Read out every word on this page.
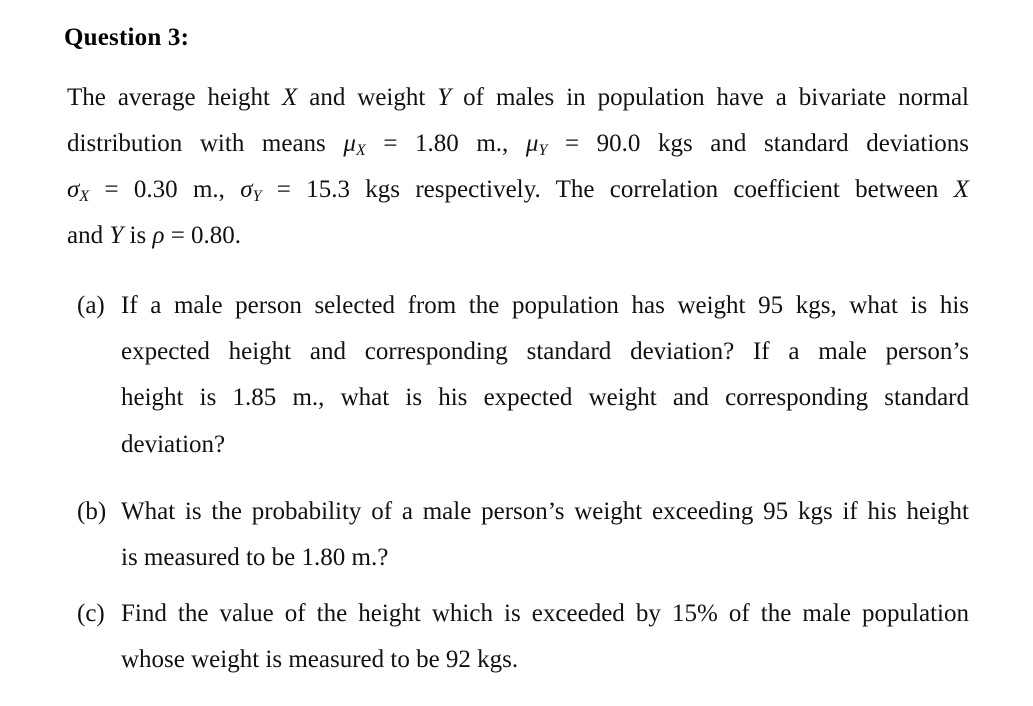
Question 3:
The average height X and weight Y of males in population have a bivariate normal
distribution with means $\mu_X = 1.80$ m., $\mu_Y = 90.0$ kgs and standard deviations
$\sigma_X = 0.30$ m., $\sigma_Y = 15.3$ kgs respectively. The correlation coefficient between X
and Y is ρ = 0.80.
(a) If a male person selected from the population has weight 95 kgs, what is his
expected height and corresponding standard deviation? If a male person’s
height is 1.85 m., what is his expected weight and corresponding standard
deviation?
(b) What is the probability of a male person’s weight exceeding 95 kgs if his height
is measured to be 1.80 m.?
(c) Find the value of the height which is exceeded by 15% of the male population
whose weight is measured to be 92 kgs.
